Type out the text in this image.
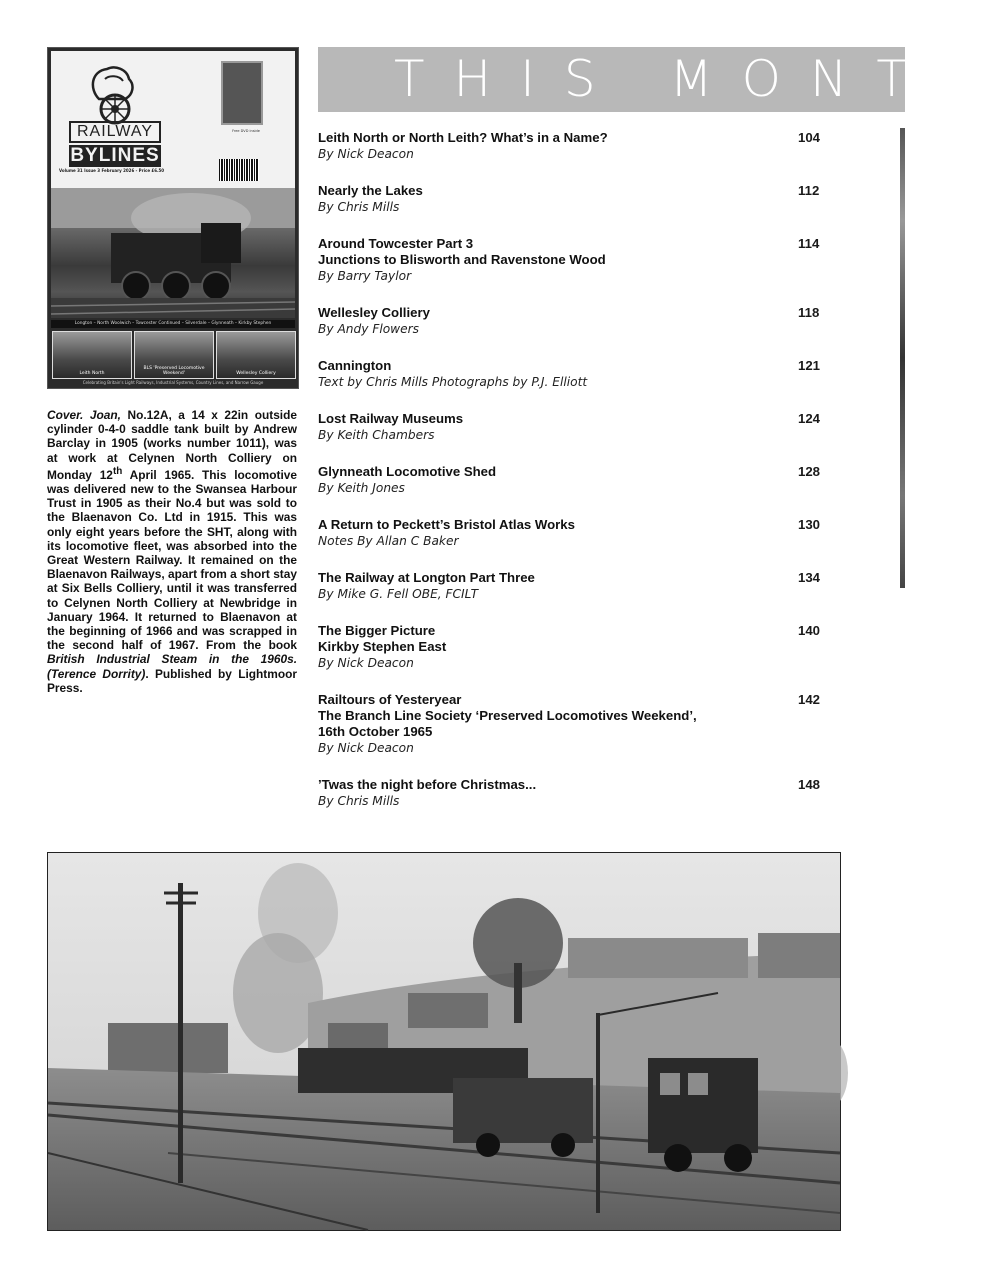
RAILWAY
BYLINES
Volume 31 Issue 3 February 2026 - Price £6.50
Free DVD inside
Longton – North Woolwich – Towcester Continued – Silverdale – Glynneath – Kirkby Stephen
Leith North
BLS 'Preserved Locomotive Weekend'	Wellesley Colliery
Celebrating Britain's Light Railways, Industrial Systems, Country Lines, and Narrow Gauge
Cover. Joan, No.12A, a 14 x 22in outside cylinder 0-4-0 saddle tank built by Andrew Barclay in 1905 (works number 1011), was at work at Celynen North Colliery on Monday 12th April 1965. This locomotive was delivered new to the Swansea Harbour Trust in 1905 as their No.4 but was sold to the Blaenavon Co. Ltd in 1915. This was only eight years before the SHT, along with its locomotive fleet, was absorbed into the Great Western Railway. It remained on the Blaenavon Railways, apart from a short stay at Six Bells Colliery, until it was transferred to Celynen North Colliery at Newbridge in January 1964. It returned to Blaenavon at the beginning of 1966 and was scrapped in the second half of 1967. From the book British Industrial Steam in the 1960s. (Terence Dorrity). Published by Lightmoor Press.
THIS MONTH
Leith North or North Leith? What’s in a Name?
By Nick Deacon
104
Nearly the Lakes
By Chris Mills
112
Around Towcester Part 3
Junctions to Blisworth and Ravenstone Wood
By Barry Taylor
114
Wellesley Colliery
By Andy Flowers
118
Cannington
Text by Chris Mills Photographs by P.J. Elliott
121
Lost Railway Museums
By Keith Chambers
124
Glynneath Locomotive Shed
By Keith Jones
128
A Return to Peckett’s Bristol Atlas Works
Notes By Allan C Baker
130
The Railway at Longton Part Three
By Mike G. Fell OBE, FCILT
134
The Bigger Picture
Kirkby Stephen East
By Nick Deacon
140
Railtours of Yesteryear
The Branch Line Society ‘Preserved Locomotives Weekend’,
16th October 1965
By Nick Deacon
142
’Twas the night before Christmas...
By Chris Mills
148
